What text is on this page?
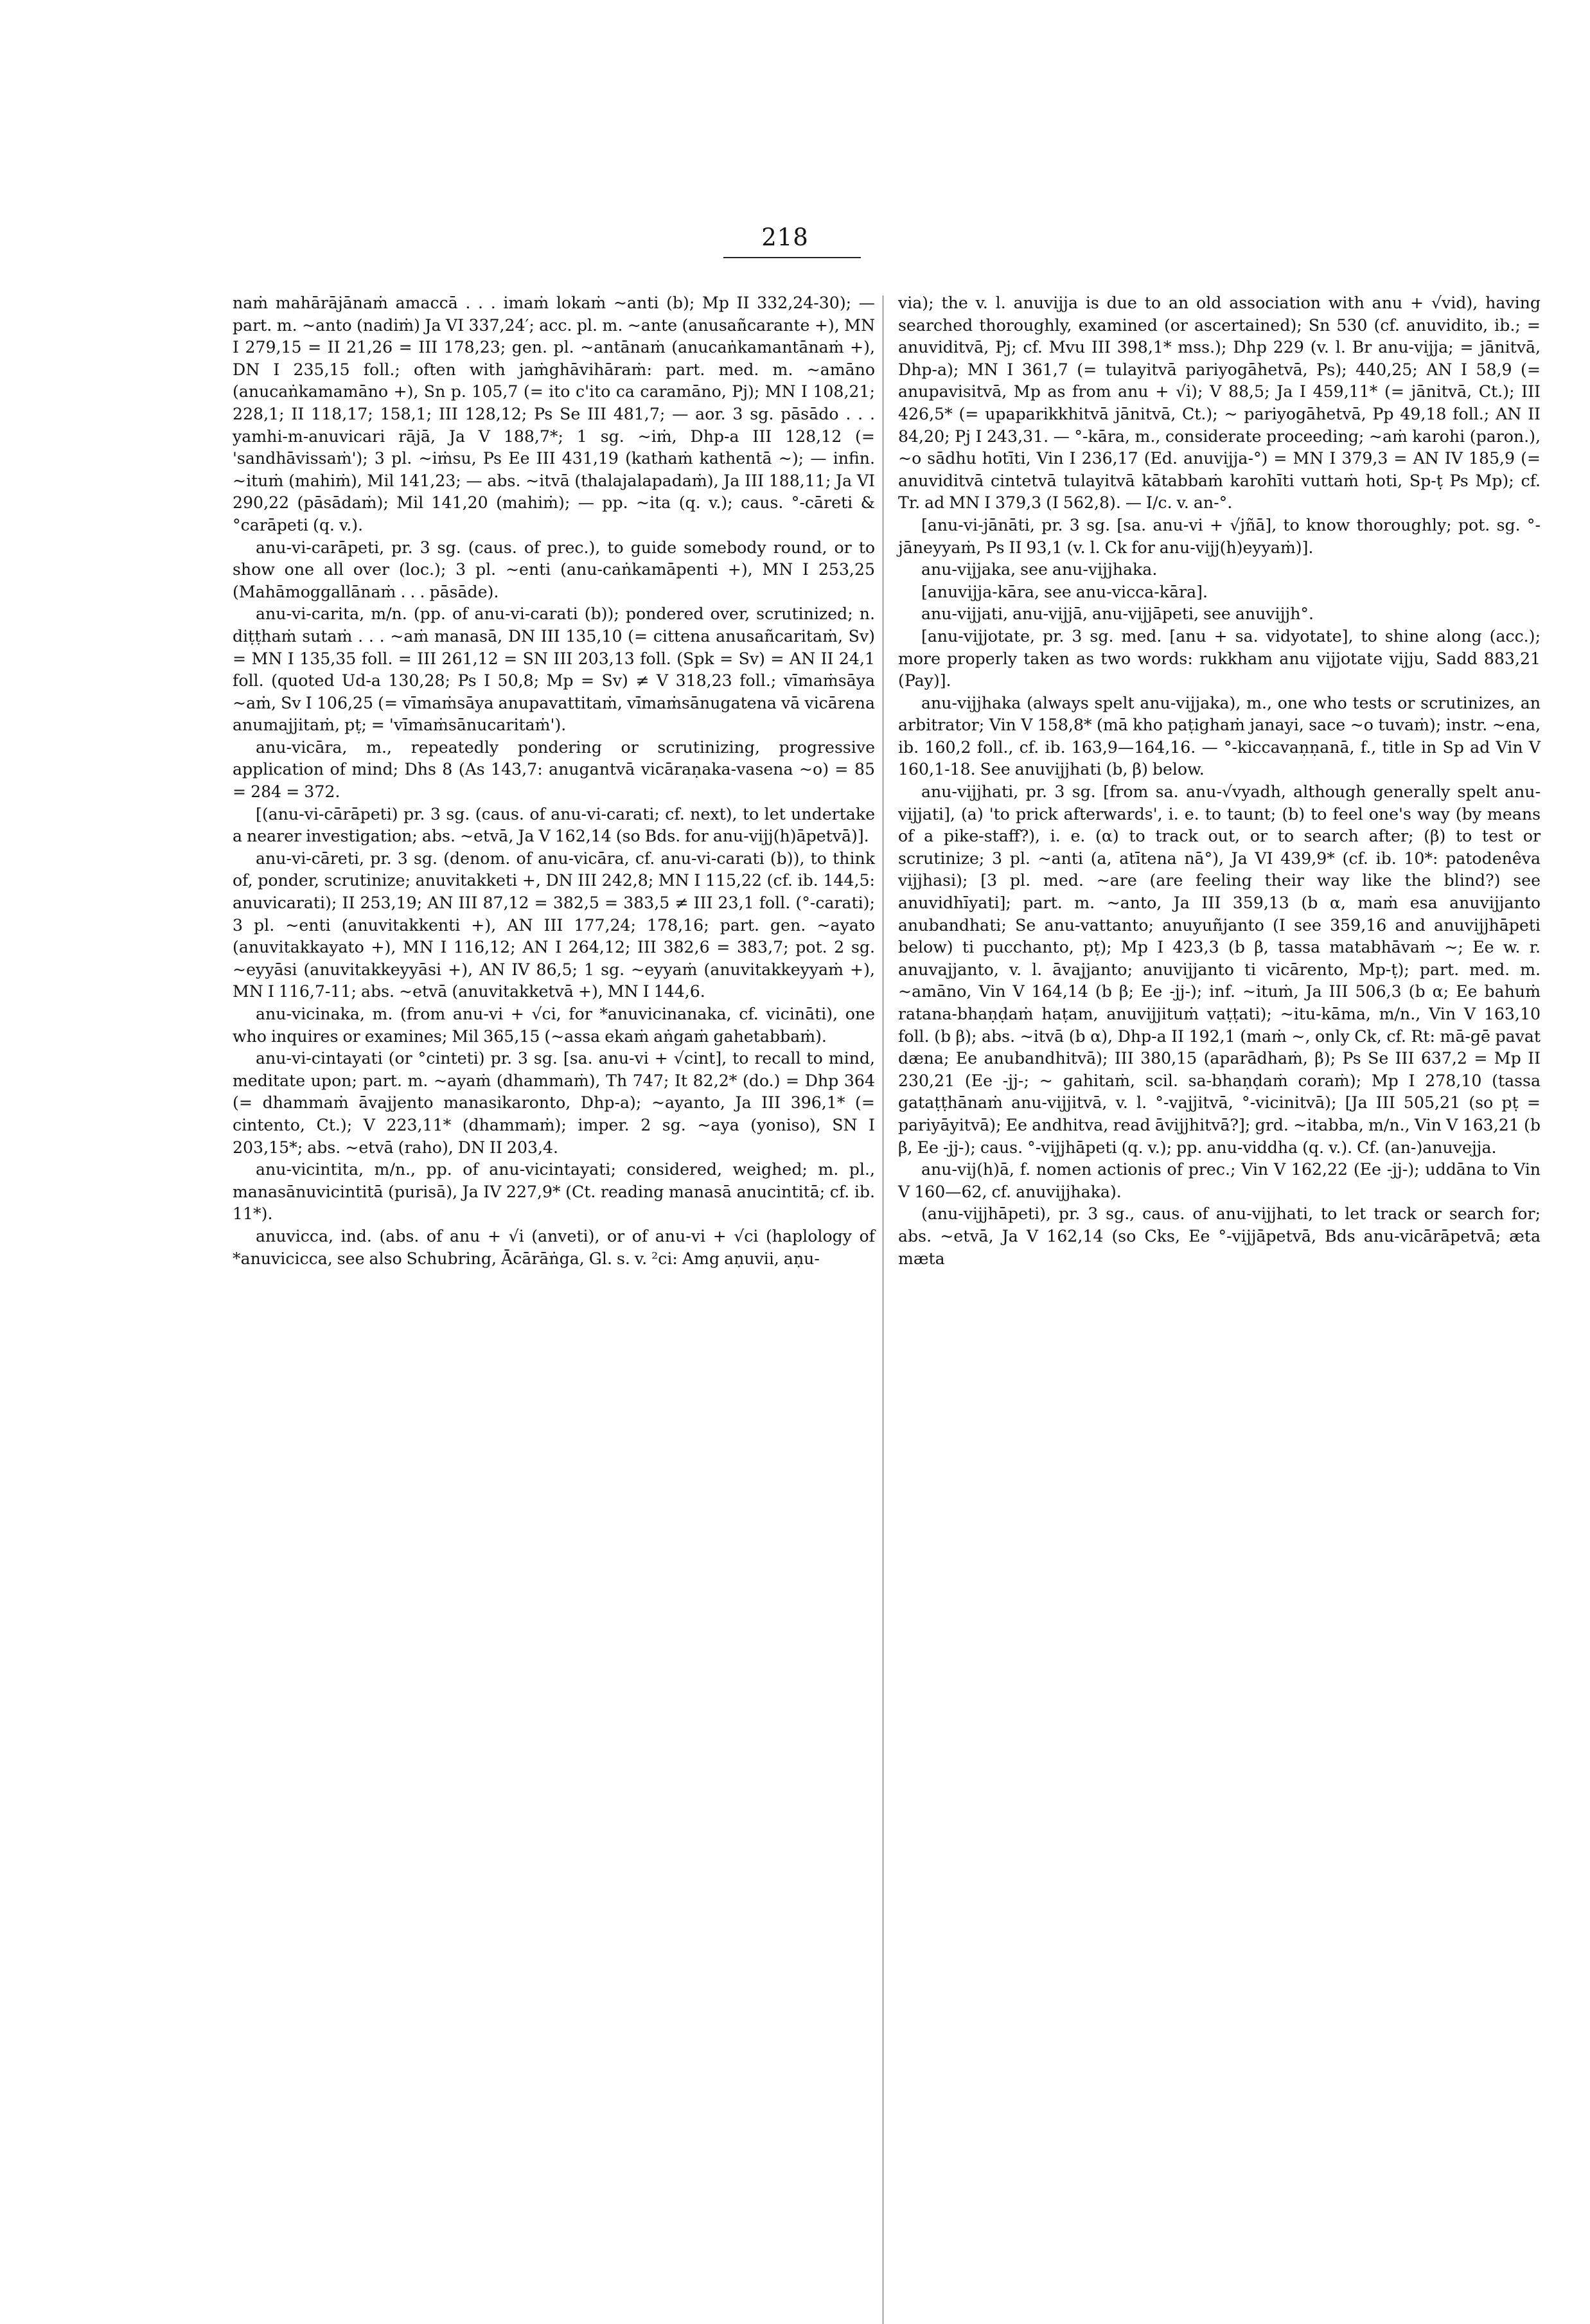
218

naṁ mahārājānaṁ amaccā . . . imaṁ lokaṁ ~anti (b); Mp II 332,24-30); — part. m. ~anto (nadiṁ) Ja VI 337,24′; acc. pl. m. ~ante (anusañcarante +), MN I 279,15 = II 21,26 = III 178,23; gen. pl. ~antānaṁ (anucaṅkamantānaṁ +), DN I 235,15 foll.; often with jaṁghāvihāraṁ: part. med. m. ~amāno (anucaṅkamamāno +), Sn p. 105,7 (= ito c'ito ca caramāno, Pj); MN I 108,21; 228,1; II 118,17; 158,1; III 128,12; Ps Se III 481,7; — aor. 3 sg. pāsādo . . . yamhi-m-anuvicari rājā, Ja V 188,7*; 1 sg. ~iṁ, Dhp-a III 128,12 (= 'sandhāvissaṁ'); 3 pl. ~iṁsu, Ps Ee III 431,19 (kathaṁ kathentā ~); — infin. ~ituṁ (mahiṁ), Mil 141,23; — abs. ~itvā (thalajalapadaṁ), Ja III 188,11; Ja VI 290,22 (pāsādaṁ); Mil 141,20 (mahiṁ); — pp. ~ita (q. v.); caus. °-cāreti & °carāpeti (q. v.).

anu-vi-carāpeti, pr. 3 sg. (caus. of prec.), to guide somebody round, or to show one all over (loc.); 3 pl. ~enti (anu-caṅkamāpenti +), MN I 253,25 (Mahāmoggallānaṁ . . . pāsāde).

anu-vi-carita, m/n. (pp. of anu-vi-carati (b)); pondered over, scrutinized; n. diṭṭhaṁ sutaṁ . . . ~aṁ manasā, DN III 135,10 (= cittena anusañcaritaṁ, Sv) = MN I 135,35 foll. = III 261,12 = SN III 203,13 foll. (Spk = Sv) = AN II 24,1 foll. (quoted Ud-a 130,28; Ps I 50,8; Mp = Sv) ≠ V 318,23 foll.; vīmaṁsāya ~aṁ, Sv I 106,25 (= vīmaṁsāya anupavattitaṁ, vīmaṁsānugatena vā vicārena anumajjitaṁ, pṭ; = 'vīmaṁsānucaritaṁ').

anu-vicāra, m., repeatedly pondering or scrutinizing, progressive application of mind; Dhs 8 (As 143,7: anugantvā vicāraṇaka-vasena ~o) = 85 = 284 = 372.

[(anu-vi-cārāpeti) pr. 3 sg. (caus. of anu-vi-carati; cf. next), to let undertake a nearer investigation; abs. ~etvā, Ja V 162,14 (so Bds. for anu-vijj(h)āpetvā)].

anu-vi-cāreti, pr. 3 sg. (denom. of anu-vicāra, cf. anu-vi-carati (b)), to think of, ponder, scrutinize; anuvitakketi +, DN III 242,8; MN I 115,22 (cf. ib. 144,5: anuvicarati); II 253,19; AN III 87,12 = 382,5 = 383,5 ≠ III 23,1 foll. (°-carati); 3 pl. ~enti (anuvitakkenti +), AN III 177,24; 178,16; part. gen. ~ayato (anuvitakkayato +), MN I 116,12; AN I 264,12; III 382,6 = 383,7; pot. 2 sg. ~eyyāsi (anuvitakkeyyāsi +), AN IV 86,5; 1 sg. ~eyyaṁ (anuvitakkeyyaṁ +), MN I 116,7-11; abs. ~etvā (anuvitakketvā +), MN I 144,6.

anu-vicinaka, m. (from anu-vi + √ci, for *anuvicinanaka, cf. vicināti), one who inquires or examines; Mil 365,15 (~assa ekaṁ aṅgaṁ gahetabbaṁ).

anu-vi-cintayati (or °cinteti) pr. 3 sg. [sa. anu-vi + √cint], to recall to mind, meditate upon; part. m. ~ayaṁ (dhammaṁ), Th 747; It 82,2* (do.) = Dhp 364 (= dhammaṁ āvajjento manasikaronto, Dhp-a); ~ayanto, Ja III 396,1* (= cintento, Ct.); V 223,11* (dhammaṁ); imper. 2 sg. ~aya (yoniso), SN I 203,15*; abs. ~etvā (raho), DN II 203,4.

anu-vicintita, m/n., pp. of anu-vicintayati; considered, weighed; m. pl., manasānuvicintitā (purisā), Ja IV 227,9* (Ct. reading manasā anucintitā; cf. ib. 11*).

anuvicca, ind. (abs. of anu + √i (anveti), or of anu-vi + √ci (haplology of *anuvicicca, see also Schubring, Ācārāṅga, Gl. s. v. ²ci: Amg aṇuvii, aṇu-

via); the v. l. anuvijja is due to an old association with anu + √vid), having searched thoroughly, examined (or ascertained); Sn 530 (cf. anuvidito, ib.; = anuviditvā, Pj; cf. Mvu III 398,1* mss.); Dhp 229 (v. l. Br anu-vijja; = jānitvā, Dhp-a); MN I 361,7 (= tulayitvā pariyogāhetvā, Ps); 440,25; AN I 58,9 (= anupavisitvā, Mp as from anu + √i); V 88,5; Ja I 459,11* (= jānitvā, Ct.); III 426,5* (= upaparikkhitvā jānitvā, Ct.); ~ pariyogāhetvā, Pp 49,18 foll.; AN II 84,20; Pj I 243,31. — °-kāra, m., considerate proceeding; ~aṁ karohi (paron.), ~o sādhu hotīti, Vin I 236,17 (Ed. anuvijja-°) = MN I 379,3 = AN IV 185,9 (= anuviditvā cintetvā tulayitvā kātabbaṁ karohīti vuttaṁ hoti, Sp-ṭ Ps Mp); cf. Tr. ad MN I 379,3 (I 562,8). — I/c. v. an-°.

[anu-vi-jānāti, pr. 3 sg. [sa. anu-vi + √jñā], to know thoroughly; pot. sg. °-jāneyyaṁ, Ps II 93,1 (v. l. Ck for anu-vijj(h)eyyaṁ)].

anu-vijjaka, see anu-vijjhaka.

[anuvijja-kāra, see anu-vicca-kāra].

anu-vijjati, anu-vijjā, anu-vijjāpeti, see anuvijjh°.

[anu-vijjotate, pr. 3 sg. med. [anu + sa. vidyotate], to shine along (acc.); more properly taken as two words: rukkham anu vijjotate vijju, Sadd 883,21 (Pay)].

anu-vijjhaka (always spelt anu-vijjaka), m., one who tests or scrutinizes, an arbitrator; Vin V 158,8* (mā kho paṭighaṁ janayi, sace ~o tuvaṁ); instr. ~ena, ib. 160,2 foll., cf. ib. 163,9—164,16. — °-kiccavaṇṇanā, f., title in Sp ad Vin V 160,1-18. See anuvijjhati (b, β) below.

anu-vijjhati, pr. 3 sg. [from sa. anu-√vyadh, although generally spelt anu-vijjati], (a) 'to prick afterwards', i. e. to taunt; (b) to feel one's way (by means of a pike-staff?), i. e. (α) to track out, or to search after; (β) to test or scrutinize; 3 pl. ~anti (a, atītena nā°), Ja VI 439,9* (cf. ib. 10*: patodenêva vijjhasi); [3 pl. med. ~are (are feeling their way like the blind?) see anuvidhīyati]; part. m. ~anto, Ja III 359,13 (b α, maṁ esa anuvijjanto anubandhati; Se anu-vattanto; anuyuñjanto (I see 359,16 and anuvijjhāpeti below) ti pucchanto, pṭ); Mp I 423,3 (b β, tassa matabhāvaṁ ~; Ee w. r. anuvajjanto, v. l. āvajjanto; anuvijjanto ti vicārento, Mp-ṭ); part. med. m. ~amāno, Vin V 164,14 (b β; Ee -jj-); inf. ~ituṁ, Ja III 506,3 (b α; Ee bahuṁ ratana-bhaṇḍaṁ haṭam, anuvijjituṁ vaṭṭati); ~itu-kāma, m/n., Vin V 163,10 foll. (b β); abs. ~itvā (b α), Dhp-a II 192,1 (maṁ ~, only Ck, cf. Rt: mā-gē pavat dæna; Ee anubandhitvā); III 380,15 (aparādhaṁ, β); Ps Se III 637,2 = Mp II 230,21 (Ee -jj-; ~ gahitaṁ, scil. sa-bhaṇḍaṁ coraṁ); Mp I 278,10 (tassa gataṭṭhānaṁ anu-vijjitvā, v. l. °-vajjitvā, °-vicinitvā); [Ja III 505,21 (so pṭ = pariyāyitvā); Ee andhitva, read āvijjhitvā?]; grd. ~itabba, m/n., Vin V 163,21 (b β, Ee -jj-); caus. °-vijjhāpeti (q. v.); pp. anu-viddha (q. v.). Cf. (an-)anuvejja.

anu-vij(h)ā, f. nomen actionis of prec.; Vin V 162,22 (Ee -jj-); uddāna to Vin V 160—62, cf. anuvijjhaka).

(anu-vijjhāpeti), pr. 3 sg., caus. of anu-vijjhati, to let track or search for; abs. ~etvā, Ja V 162,14 (so Cks, Ee °-vijjāpetvā, Bds anu-vicārāpetvā; æta mæta
